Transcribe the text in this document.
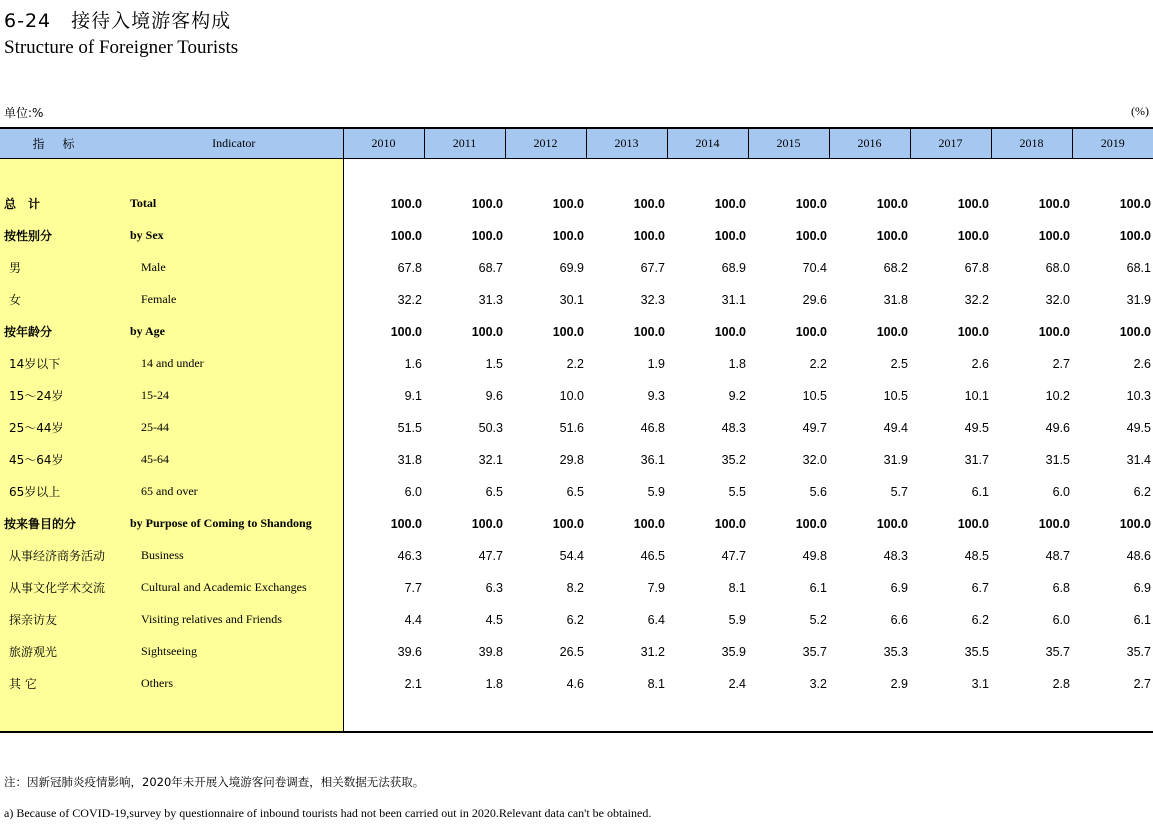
6-24　接待入境游客构成
Structure of Foreigner Tourists
单位:%	(%)
指标	Indicator	2010	2011	2012	2013	2014	2015	2016	2017	2018	2019

总　计	Total	100.0	100.0	100.0	100.0	100.0	100.0	100.0	100.0	100.0	100.0
按性别分	by Sex	100.0	100.0	100.0	100.0	100.0	100.0	100.0	100.0	100.0	100.0
男	Male	67.8	68.7	69.9	67.7	68.9	70.4	68.2	67.8	68.0	68.1
女	Female	32.2	31.3	30.1	32.3	31.1	29.6	31.8	32.2	32.0	31.9
按年龄分	by Age	100.0	100.0	100.0	100.0	100.0	100.0	100.0	100.0	100.0	100.0
14岁以下	14 and under	1.6	1.5	2.2	1.9	1.8	2.2	2.5	2.6	2.7	2.6
15～24岁	15-24	9.1	9.6	10.0	9.3	9.2	10.5	10.5	10.1	10.2	10.3
25～44岁	25-44	51.5	50.3	51.6	46.8	48.3	49.7	49.4	49.5	49.6	49.5
45～64岁	45-64	31.8	32.1	29.8	36.1	35.2	32.0	31.9	31.7	31.5	31.4
65岁以上	65 and over	6.0	6.5	6.5	5.9	5.5	5.6	5.7	6.1	6.0	6.2
按来鲁目的分	by Purpose of Coming to Shandong	100.0	100.0	100.0	100.0	100.0	100.0	100.0	100.0	100.0	100.0
从事经济商务活动	Business	46.3	47.7	54.4	46.5	47.7	49.8	48.3	48.5	48.7	48.6
从事文化学术交流	Cultural and Academic Exchanges	7.7	6.3	8.2	7.9	8.1	6.1	6.9	6.7	6.8	6.9
探亲访友	Visiting relatives and Friends	4.4	4.5	6.2	6.4	5.9	5.2	6.6	6.2	6.0	6.1
旅游观光	Sightseeing	39.6	39.8	26.5	31.2	35.9	35.7	35.3	35.5	35.7	35.7
其 它	Others	2.1	1.8	4.6	8.1	2.4	3.2	2.9	3.1	2.8	2.7

注：因新冠肺炎疫情影响，2020年未开展入境游客问卷调查，相关数据无法获取。
a) Because of COVID-19,survey by questionnaire of inbound tourists had not been carried out in 2020.Relevant data can't be obtained.
